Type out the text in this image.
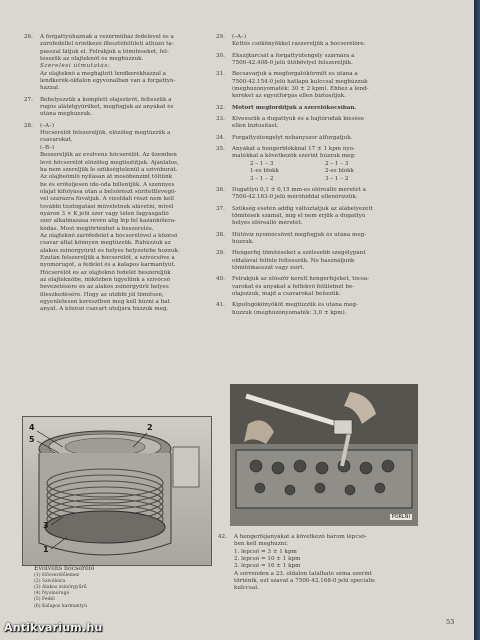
26. A forgattyúháznak a vezérműház fedelével és a
zárófedéllel érintkező illesztőfelületi áthúzó ta-
passzal látjuk el. Felrakjuk a tömítéseket, fel-
tesszük az olajteknőt és meghúzzuk.
Szerelési útmutatás:
Az olajteknő a meghajtott lendkerékházzal a
lendkerék-oldalon egyvonalban van a forgattyú-
házzal.
27. Behelyezzük a komplett olajszűrőt, felteszük a
rugós alátétgyűrűket, megfogjuk az anyákat és
utána meghúzzuk.
28. (–A–)
Hócserélőt felszereljük, előzőleg megtűzzük a
csavarokat.
(–B–)
Beszereljük az evolvens hőcserélőt. Az üzemben
lévő hőcserélőt előzőleg megtisztítjuk. Ajánlatos,
ha nem szereljük le szükségtelenül a szivóburát.
Az olajbeömlő nyílásán át mosóbenzint töltünk
be és erőteljesen ide-oda billentjük. A szennyes
olajat kifolyása után a belsőrészt sűrítettlevegő-
vel szárazra fúvatjuk. A vízoldali részt nem kell
további tisztogatási műveletnek alávetni, mivel
nyáron 3 × K jelű szer vagy télen fagyásgátló
szer alkalmazása révén alig lép fel kazánkőlera-
kódás. Most megtörténhet a beszerelés.
Az olajteknő zárófedelet a hócserélővel a közéső
csavar által könnyen megtűzzük. Ráhúzzuk az
alakos zsinórgyűrűt és helyes helyzetébe hozzuk.
Ezután felszereljük a hócserélőt, a szivócsöve a
nyomórugót, a fedelet és a kalapos karmantyút.
Hócserélőt és az olajteknő fedelét beszereljük
az olajteknőbe, miközben ügyelünk a szivócső
bevezetésére és az alakos zsinórgyűrű helyes
illeszkedésére. Hogy az utóbbi jól tömítsen,
egyenletesen keresztben meg kell húzni a bat
anyát. A közéső csavart utoljára húzzuk meg.
29. (–A–)
Kettős csőkönyökkel rászereljük a hócserélőre.
30. Ékszíjtárcsát a forgattyútengely szárnára a
7500-42.408-0 jelű ütőbövlyel felszereljük.
31. Becsavarjuk a megforgatókörmöt és utána a
7500-42.154-0 jelű hatlapú kulccsal meghúzzuk
(meghúzónyomaték: 30 ± 2 kpm). Ehhez a lend-
keréket az egyutforgás ellen biztosítjuk.
32. Motort megfordítjuk a szerelőkocsiban.
33. Kivesszük a dugattyúk és a hajtórudak kiesése
ellen biztosítást.
34. Forgattyútengelyt nebányszor átforgatjuk.
35. Anyákat a hengerblokknál 17 ± 1 kpm nyo-
matékkal a következők szerint húzzuk meg:
2 – 1 – 3	2 – 1 – 3
1-es blokk	2-es blokk
3 – 1 – 2	3 – 1 – 2
36. Dugattyú 0,1 ± 0,15 mm-es előreálló méretét a
7500-42.163-0 jelű mérőhiddal ellenőrizzük.
37. Szükség esetén addig változtatjuk az alábelyezett
tömítések számát, míg el nem érjük a dugattyú
helyes előreálló méretét.
38. Hűtővíz nyomócsövét megfogjuk és utána meg-
húzzuk.
39. Hengerfej tömítéseket a szélesebb szegélypánt
oldalával felfelé feltesszük. Ne használjunk
tömítőmasszát vagy zsírt.
40. Felrakjuk az először kerelt hengerfejeket, tócsa-
varokat és anyákat a felfekvő felületnél be-
olajozzuk, majd a csavarokat beüzzük.
41. Kipufogókönyököt megtűzzük és utána meg-
húzzuk (meghúzónyomaték: 3,0 ± kpm).
42. A hengerfejanyákat a következő három lépcső-
ben kell meghúzni:
1. lépcső = 3 ± 1 kpm
2. lépcső = 10 ± 1 kpm
3. lépcső = 16 ± 1 kpm
A sorrenden a 23. oldalon található séma szerint
történik, ezt szavat a 7500-42.168-0 jelű speciális
kulccsal.
4
5
2
3
1
Evolvens hőcserélő
(1) Hőcserélőlemez
(2) Szivóbúra
(3) Alakos zsinórgyűrű
(4) Nyomórugó
(5) Fedél
(6) Kalapos karmantyú
PORLNI
53
Antikvarium.hu
